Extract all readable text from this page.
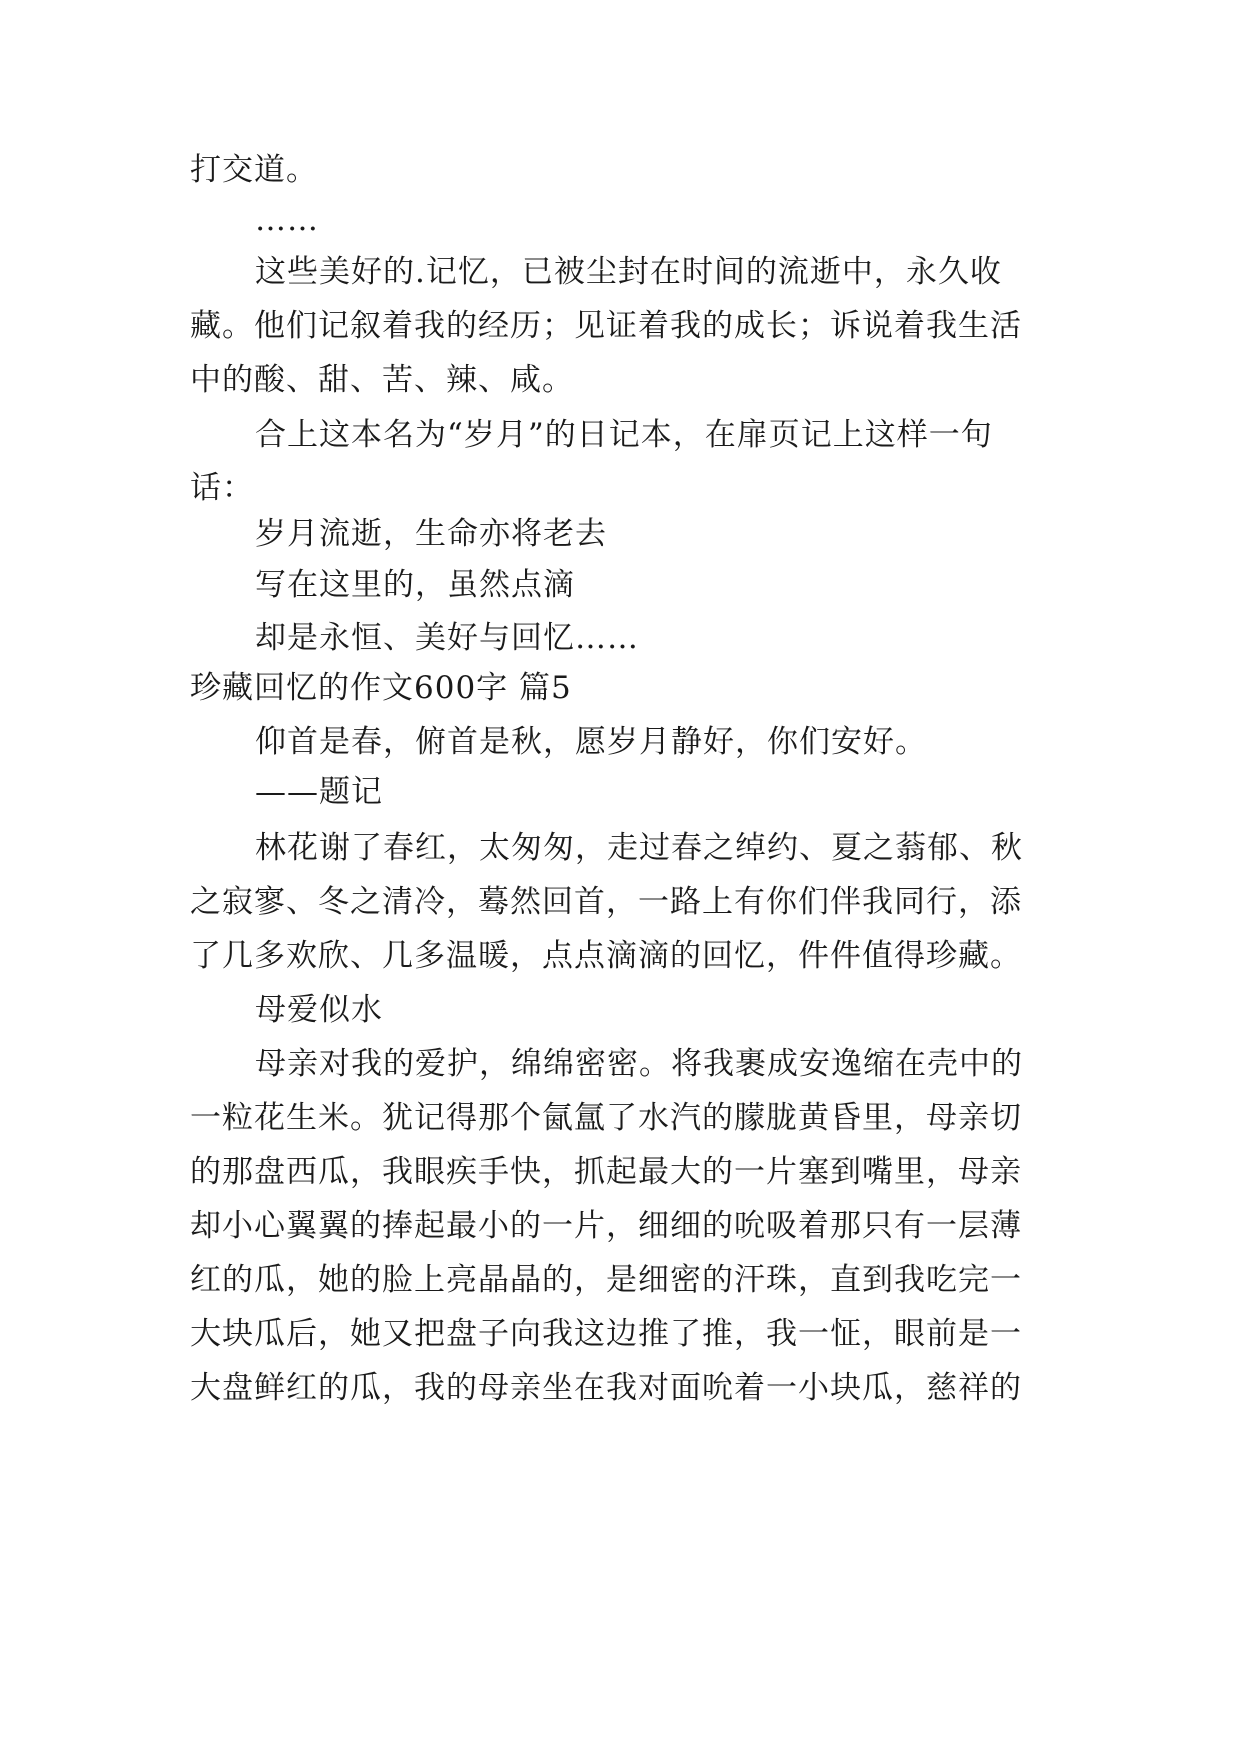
打交道。
……
这些美好的.记忆，已被尘封在时间的流逝中，永久收
藏。他们记叙着我的经历；见证着我的成长；诉说着我生活
中的酸、甜、苦、辣、咸。
合上这本名为“岁月”的日记本，在扉页记上这样一句
话：
岁月流逝，生命亦将老去
写在这里的，虽然点滴
却是永恒、美好与回忆……
珍藏回忆的作文600字 篇5
仰首是春，俯首是秋，愿岁月静好，你们安好。
——题记
林花谢了春红，太匆匆，走过春之绰约、夏之蓊郁、秋
之寂寥、冬之清冷，蓦然回首，一路上有你们伴我同行，添
了几多欢欣、几多温暖，点点滴滴的回忆，件件值得珍藏。
母爱似水
母亲对我的爱护，绵绵密密。将我裹成安逸缩在壳中的
一粒花生米。犹记得那个氤氲了水汽的朦胧黄昏里，母亲切
的那盘西瓜，我眼疾手快，抓起最大的一片塞到嘴里，母亲
却小心翼翼的捧起最小的一片，细细的吮吸着那只有一层薄
红的瓜，她的脸上亮晶晶的，是细密的汗珠，直到我吃完一
大块瓜后，她又把盘子向我这边推了推，我一怔，眼前是一
大盘鲜红的瓜，我的母亲坐在我对面吮着一小块瓜，慈祥的
